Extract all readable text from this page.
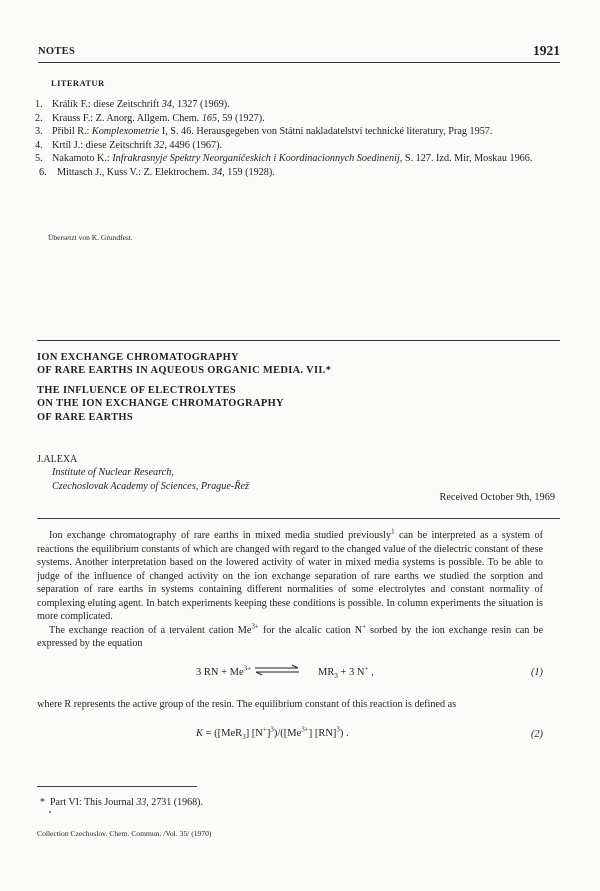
NOTES	1921
LITERATUR
1. Králík F.: diese Zeitschrift 34, 1327 (1969).
2. Krauss F.: Z. Anorg. Allgem. Chem. 165, 59 (1927).
3. Přibil R.: Komplexometrie I, S. 46. Herausgegeben von Státní nakladatelství technické literatury, Prag 1957.
4. Krtil J.: diese Zeitschrift 32, 4496 (1967).
5. Nakamoto K.: Infrakrasnyje Spektry Neorganičeskich i Koordinacionnych Soedinenij, S. 127. Izd. Mir, Moskau 1966.
6. Mittasch J., Kuss V.: Z. Elektrochem. 34, 159 (1928).
Übersetzt von K. Grundfest.
ION EXCHANGE CHROMATOGRAPHY
OF RARE EARTHS IN AQUEOUS ORGANIC MEDIA. VII.*
THE INFLUENCE OF ELECTROLYTES
ON THE ION EXCHANGE CHROMATOGRAPHY
OF RARE EARTHS
J.ALEXA
Institute of Nuclear Research,
Czechoslovak Academy of Sciences, Prague-Řež
Received October 9th, 1969

Ion exchange chromatography of rare earths in mixed media studied previously$^1$ can be interpreted as a system of reactions the equilibrium constants of which are changed with regard to the changed value of the dielectric constant of these systems. Another interpretation based on the lowered activity of water in mixed media systems is possible. To be able to judge of the influence of changed activity on the ion exchange separation of rare earths we studied the sorption and separation of rare earths in systems containing different normalities of some electrolytes and constant normality of complexing eluting agent. In batch experiments keeping these conditions is possible. In column experiments the situation is more complicated.

The exchange reaction of a tervalent cation $Me^{3+}$ for the alcalic cation N+ sorbed by the ion exchange resin can be expressed by the equation

3 RN + $Me^{3+}$ ⇌ $MR_3 + 3$ N+ ,	(1)
where R represents the active group of the resin. The equilibrium constant of this reaction is defined as
K = ([MeR$_3$] $[N^+]^3)/([Me^{3+}]$ [RN]$^3$) .	(2)
* Part VI: This Journal 33, 2731 (1968).
Collection Czechoslov. Chem. Commun. /Vol. 35/ (1970)
